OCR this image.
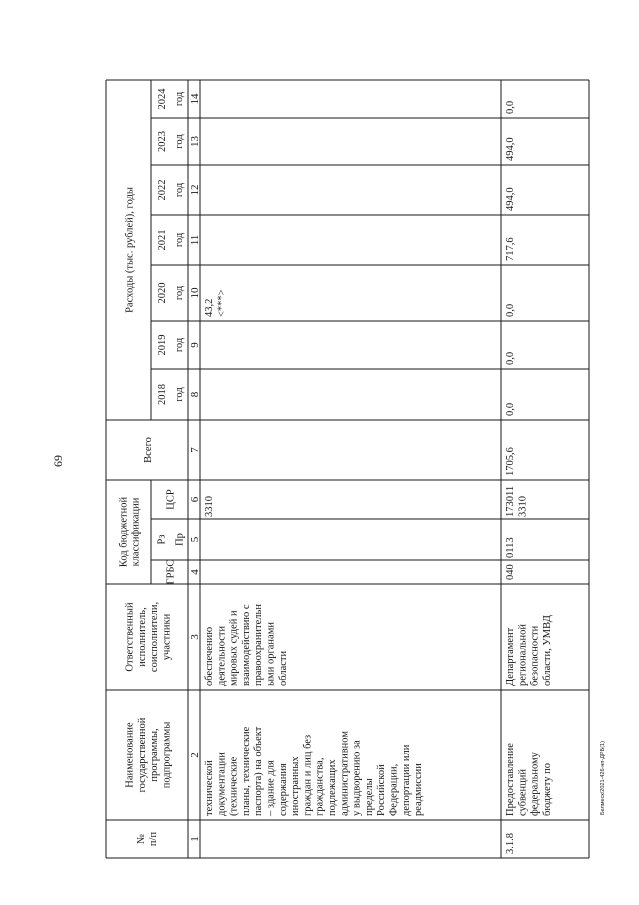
№п/п
Наименованиегосударственнойпрограммы,подпрограммы
Ответственныйисполнитель,соисполнители,участники
Код бюджетнойклассификации
ГРБС
Рз Пр
ЦСР
Всего
Расходы (тыс. рублей), годы
2018 год
2019 год
2020 год
2021 год
2022 год
2023 год
2024 год
1
2
3
4
5
6
7
8
9
10
11
12
13
14
техническойдокументации(техническиепланы, техническиепаспорта) на объект– здание длясодержанияиностранныхграждан и лиц безгражданства,подлежащихадминистративному выдворению запределыРоссийскойФедерации,депортации илиреадмиссии
обеспечениюдеятельностимировых судей ивзаимодействию справоохранительными органамиобласти
3310
43,2<***>
3.1.8
Предоставлениесубвенцийфедеральномубюджету по
Департаментрегиональнойбезопасностиобласти, УМВД
040
0113
1730113310
1705,6
0,0
0,0
0,0
717,6
494,0
494,0
0,0
69
Белмеск/2021-426-нп-ДРБ(1)
